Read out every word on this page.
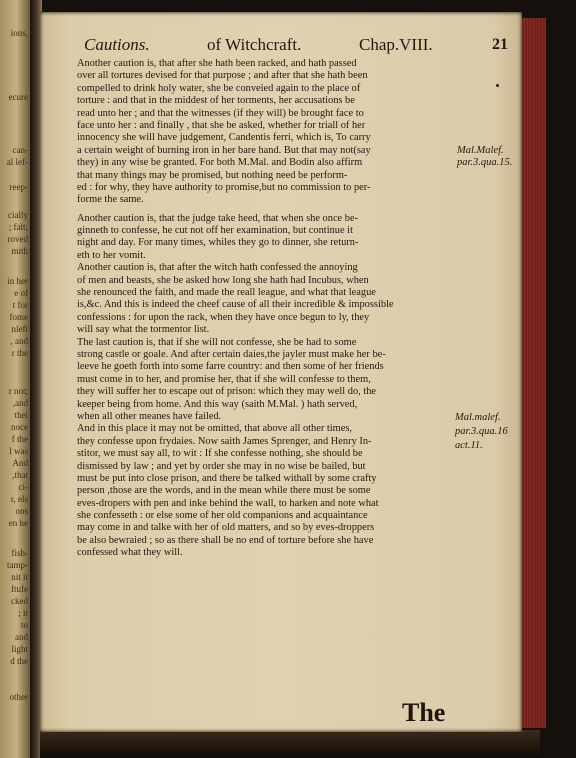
ions,
ecure
can-
al lef-
reep-
cially
; falt;
roved
mith
in her
e of
t for
fome
nleft
, and
r the
r not;
,and
thei
noce
f the
l was
And
,that
ci-
r, els
ons
en he
fish-
tamp-
nit it
ftufe
cked
; it
to
and
light
d the
other
Cautions.	of Witchcraft.	Chap.VIII.	21
Another caution is, that after she hath been racked, and hath passed
over all tortures devised for that purpose ; and after that she hath been
compelled to drink holy water, she be conveied again to the place of
torture : and that in the middest of her torments, her accusations be
read unto her ; and that the witnesses (if they will) be brought face to
face unto her : and finally , that she be asked, whether for triall of her
innocency she will have judgement, Candentis ferri, which is, To carry
a certain weight of burning iron in her bare hand. But that may not(say
they) in any wise be granted. For both M.Mal. and Bodin also affirm
that many things may be promised, but nothing need be perform-
ed : for why, they have authority to promise,but no commission to per-
forme the same.
Another caution is, that the judge take heed, that when she once be-
ginneth to confesse, he cut not off her examination, but continue it
night and day. For many times, whiles they go to dinner, she return-
eth to her vomit.
Another caution is, that after the witch hath confessed the annoying
of men and beasts, she be asked how long she hath had Incubus, when
she renounced the faith, and made the reall league, and what that league
is,&c. And this is indeed the cheef cause of all their incredible & impossible
confessions : for upon the rack, when they have once begun to ly, they
will say what the tormentor list.
The last caution is, that if she will not confesse, she be had to some
strong castle or goale. And after certain daies,the jayler must make her be-
leeve he goeth forth into some farre country: and then some of her friends
must come in to her, and promise her, that if she will confesse to them,
they will suffer her to escape out of prison: which they may well do, the
keeper being from home. And this way (saith M.Mal. ) hath served,
when all other meanes have failed.
And in this place it may not be omitted, that above all other times,
they confesse upon frydaies. Now saith James Sprenger, and Henry In-
stitor, we must say all, to wit : If she confesse nothing, she should be
dismissed by law ; and yet by order she may in no wise be bailed, but
must be put into close prison, and there be talked withall by some crafty
person ,those are the words, and in the mean while there must be some
eves-dropers with pen and inke behind the wall, to harken and note what
she confesseth : or else some of her old companions and acquaintance
may come in and talke with her of old matters, and so by eves-droppers
be also bewraied ; so as there shall be no end of torture before she have
confessed what they will.
Mal.Malef.
par.3.qua.15.
Mal.malef.
par.3.qua.16
act.11.
The
